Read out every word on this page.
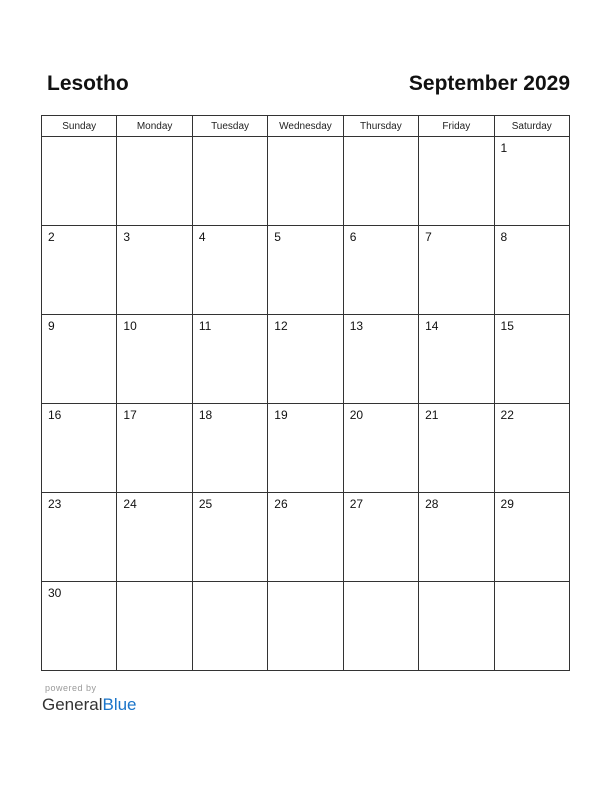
Lesotho	September 2029
Sunday	Monday	Tuesday	Wednesday	Thursday	Friday	Saturday

						1

2	3	4	5	6	7	8

9	10	11	12	13	14	15

16	17	18	19	20	21	22

23	24	25	26	27	28	29

30						

powered by
GeneralBlue
